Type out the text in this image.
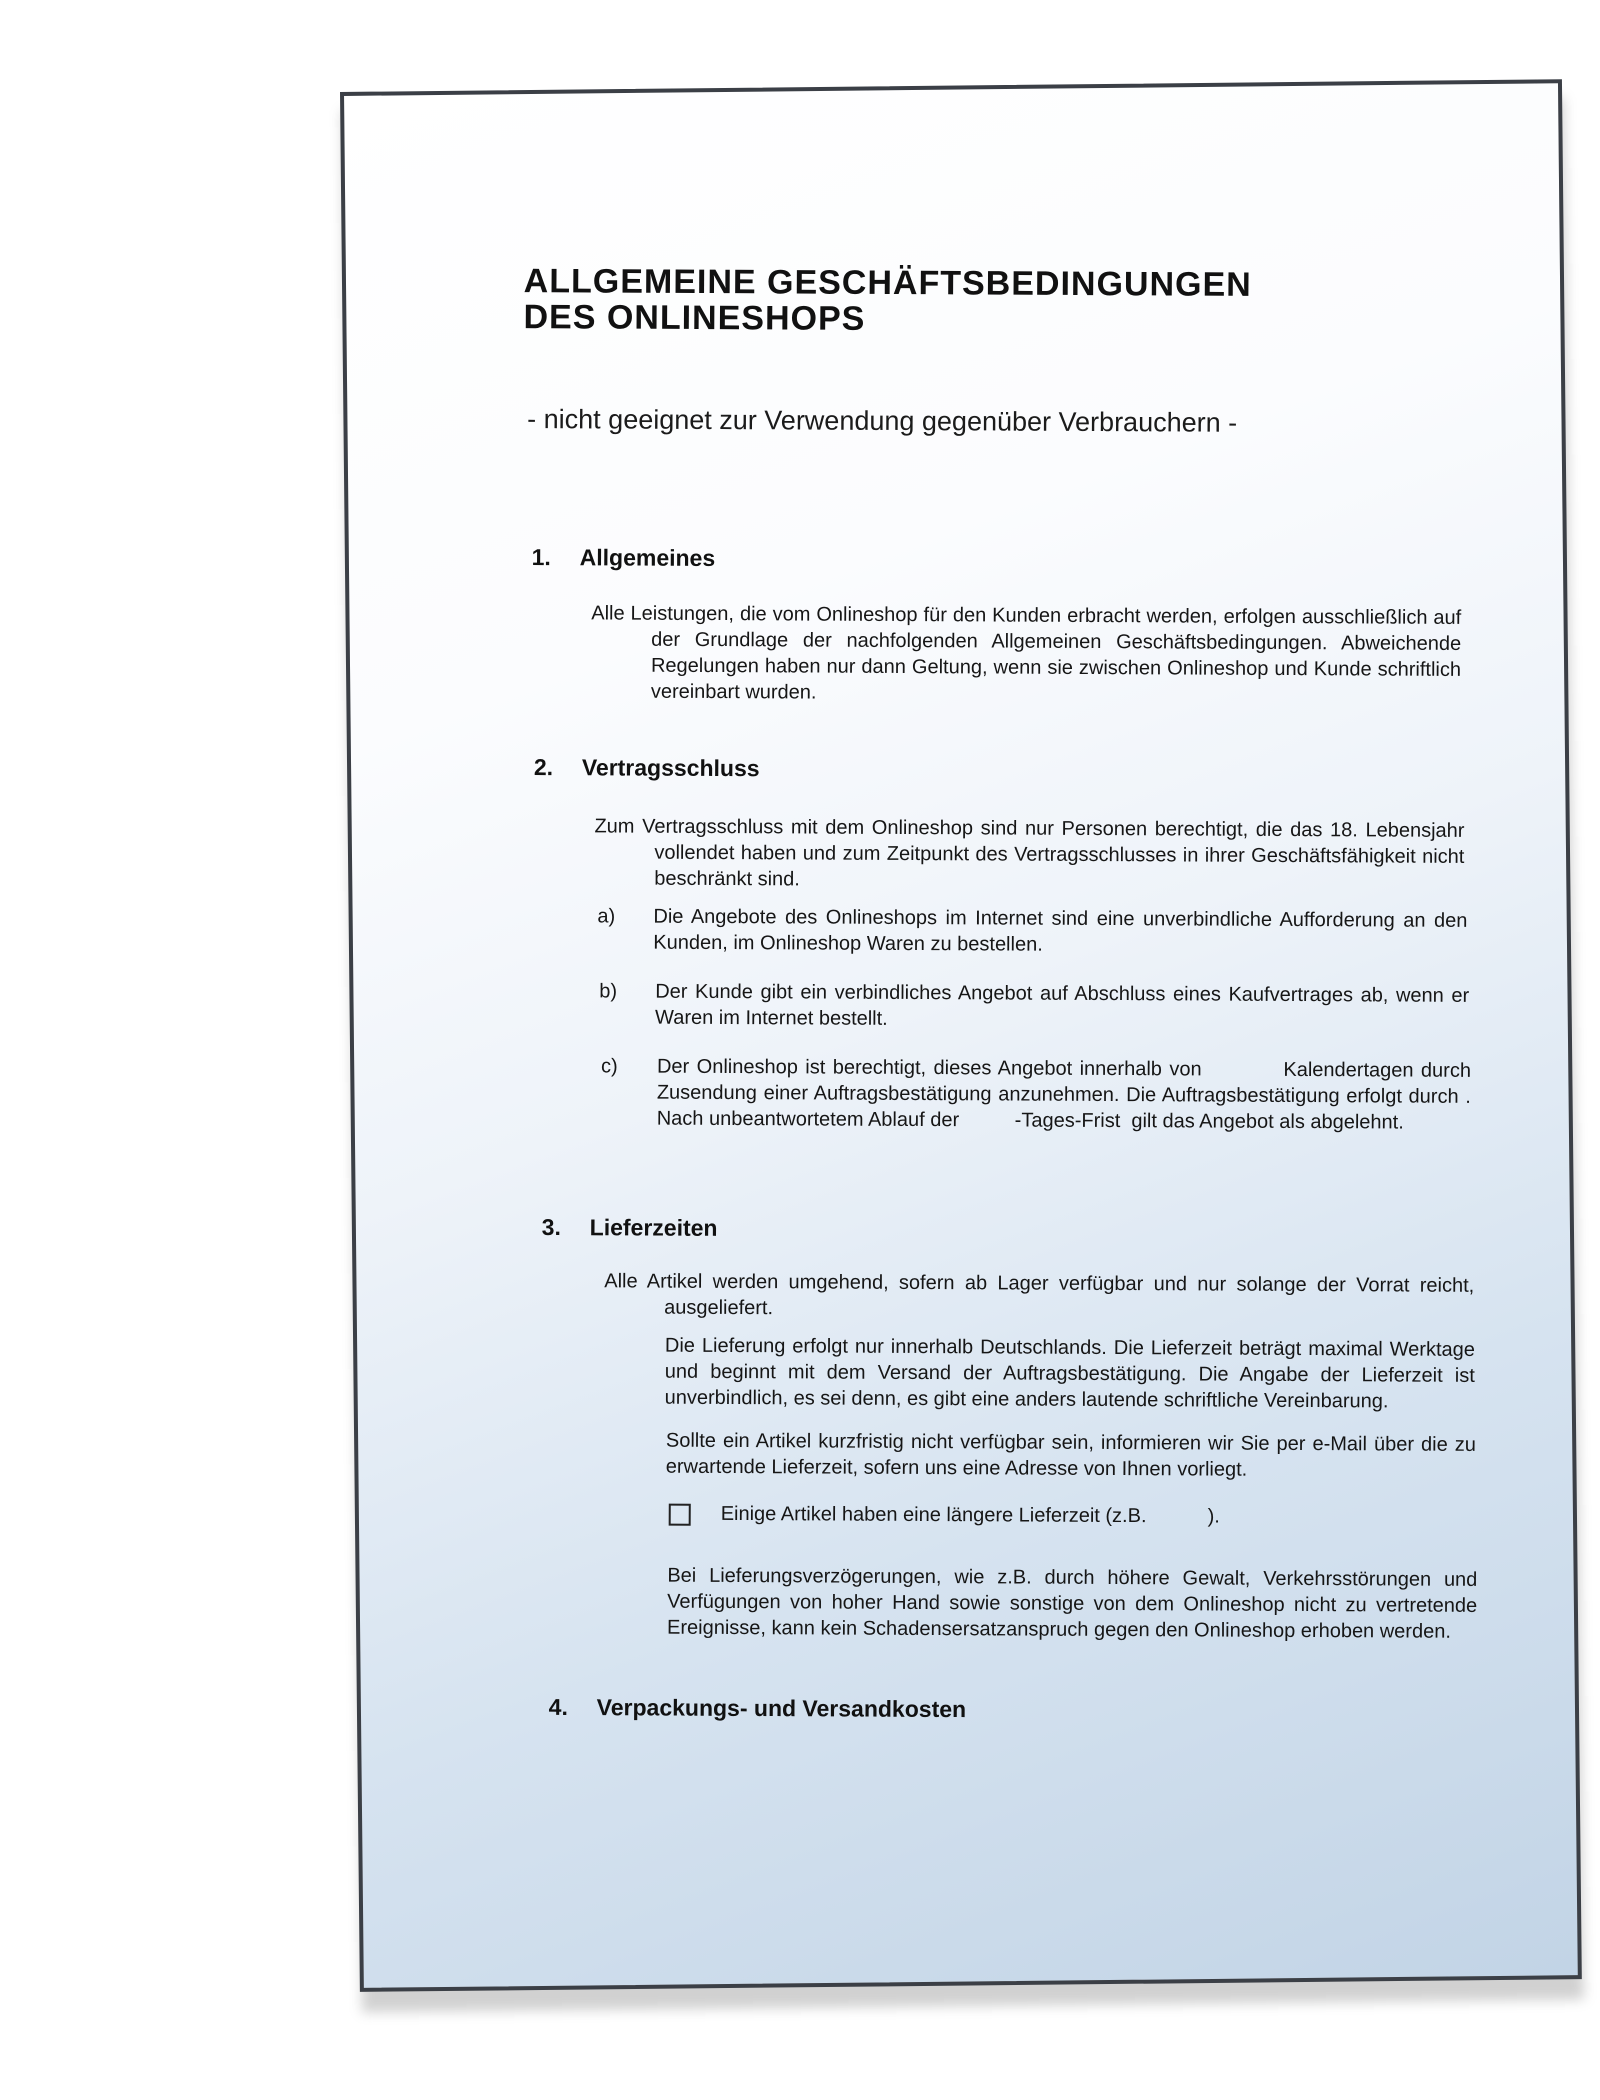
ALLGEMEINE GESCHÄFTSBEDINGUNGEN
DES ONLINESHOPS
- nicht geeignet zur Verwendung gegenüber Verbrauchern -
1. Allgemeines
Alle Leistungen, die vom Onlineshop für den Kunden erbracht werden, erfolgen ausschließlich auf der Grundlage der nachfolgenden Allgemeinen Geschäftsbedingungen. Abweichende Regelungen haben nur dann Geltung, wenn sie zwischen Onlineshop und Kunde schriftlich vereinbart wurden.
2. Vertragsschluss
Zum Vertragsschluss mit dem Onlineshop sind nur Personen berechtigt, die das 18. Lebensjahr vollendet haben und zum Zeitpunkt des Vertragsschlusses in ihrer Geschäftsfähigkeit nicht beschränkt sind.
a) Die Angebote des Onlineshops im Internet sind eine unverbindliche Aufforderung an den Kunden, im Onlineshop Waren zu bestellen.
b) Der Kunde gibt ein verbindliches Angebot auf Abschluss eines Kaufvertrages ab, wenn er Waren im Internet bestellt.
c) Der Onlineshop ist berechtigt, dieses Angebot innerhalb von           Kalendertagen durch Zusendung einer Auftragsbestätigung anzunehmen. Die Auftragsbestätigung erfolgt durch . Nach unbeantwortetem Ablauf der          -Tages-Frist  gilt das Angebot als abgelehnt.
3. Lieferzeiten
Alle Artikel werden umgehend, sofern ab Lager verfügbar und nur solange der Vorrat reicht, ausgeliefert.
Die Lieferung erfolgt nur innerhalb Deutschlands. Die Lieferzeit beträgt maximal Werktage und beginnt mit dem Versand der Auftragsbestätigung. Die Angabe der Lieferzeit ist unverbindlich, es sei denn, es gibt eine anders lautende schriftliche Vereinbarung.
Sollte ein Artikel kurzfristig nicht verfügbar sein, informieren wir Sie per e-Mail über die zu erwartende Lieferzeit, sofern uns eine Adresse von Ihnen vorliegt.
Einige Artikel haben eine längere Lieferzeit (z.B.           ).
Bei Lieferungsverzögerungen, wie z.B. durch höhere Gewalt, Verkehrsstörungen und Verfügungen von hoher Hand sowie sonstige von dem Onlineshop nicht zu vertretende Ereignisse, kann kein Schadensersatzanspruch gegen den Onlineshop erhoben werden.
4. Verpackungs- und Versandkosten
